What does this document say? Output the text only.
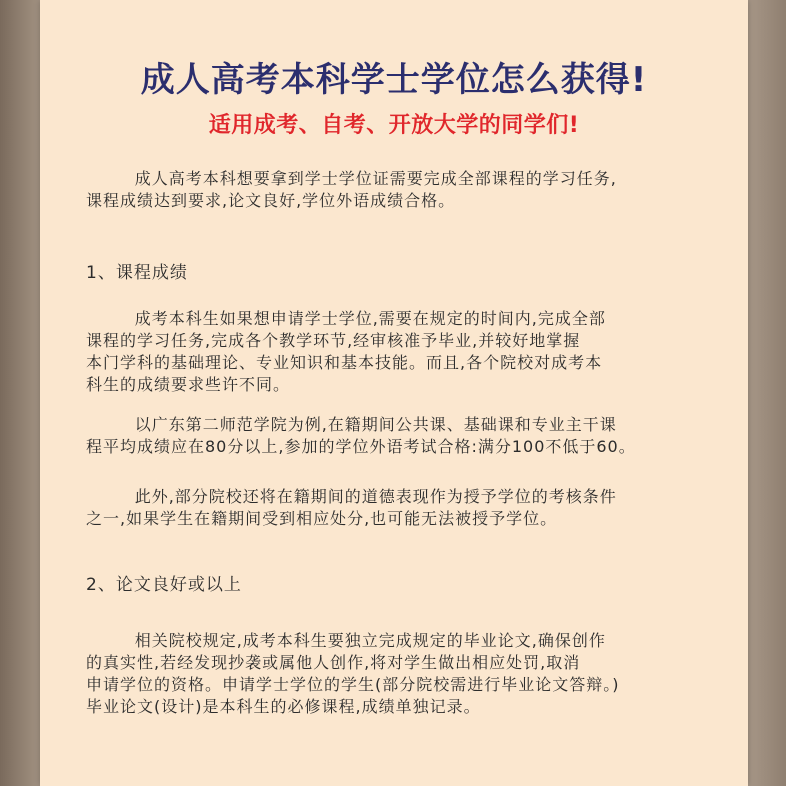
成人高考本科学士学位怎么获得!
适用成考、自考、开放大学的同学们!
成人高考本科想要拿到学士学位证需要完成全部课程的学习任务,
课程成绩达到要求,论文良好,学位外语成绩合格。
1、课程成绩
成考本科生如果想申请学士学位,需要在规定的时间内,完成全部
课程的学习任务,完成各个教学环节,经审核准予毕业,并较好地掌握
本门学科的基础理论、专业知识和基本技能。而且,各个院校对成考本
科生的成绩要求些许不同。
以广东第二师范学院为例,在籍期间公共课、基础课和专业主干课
程平均成绩应在80分以上,参加的学位外语考试合格:满分100不低于60。
此外,部分院校还将在籍期间的道德表现作为授予学位的考核条件
之一,如果学生在籍期间受到相应处分,也可能无法被授予学位。
2、论文良好或以上
相关院校规定,成考本科生要独立完成规定的毕业论文,确保创作
的真实性,若经发现抄袭或属他人创作,将对学生做出相应处罚,取消
申请学位的资格。申请学士学位的学生(部分院校需进行毕业论文答辩。)
毕业论文(设计)是本科生的必修课程,成绩单独记录。
